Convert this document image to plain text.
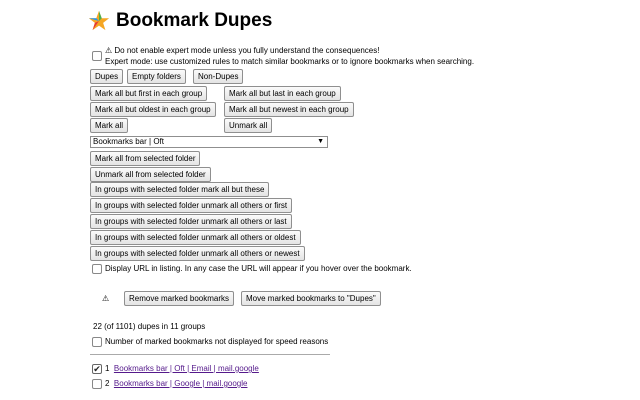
Bookmark Dupes
⚠ Do not enable expert mode unless you fully understand the consequences!
Expert mode: use customized rules to match similar bookmarks or to ignore bookmarks when searching.
Dupes	Empty folders	Non-Dupes
Mark all but first in each group	Mark all but last in each group
Mark all but oldest in each group	Mark all but newest in each group
Mark all	Unmark all
Bookmarks bar | Oft	▼
Mark all from selected folder
Unmark all from selected folder
In groups with selected folder mark all but these
In groups with selected folder unmark all others or first
In groups with selected folder unmark all others or last
In groups with selected folder unmark all others or oldest
In groups with selected folder unmark all others or newest
Display URL in listing. In any case the URL will appear if you hover over the bookmark.
⚠	Remove marked bookmarks	Move marked bookmarks to "Dupes"
22 (of 1101) dupes in 11 groups
Number of marked bookmarks not displayed for speed reasons
✔
1 Bookmarks bar | Oft | Email | mail.google
2 Bookmarks bar | Google | mail.google
